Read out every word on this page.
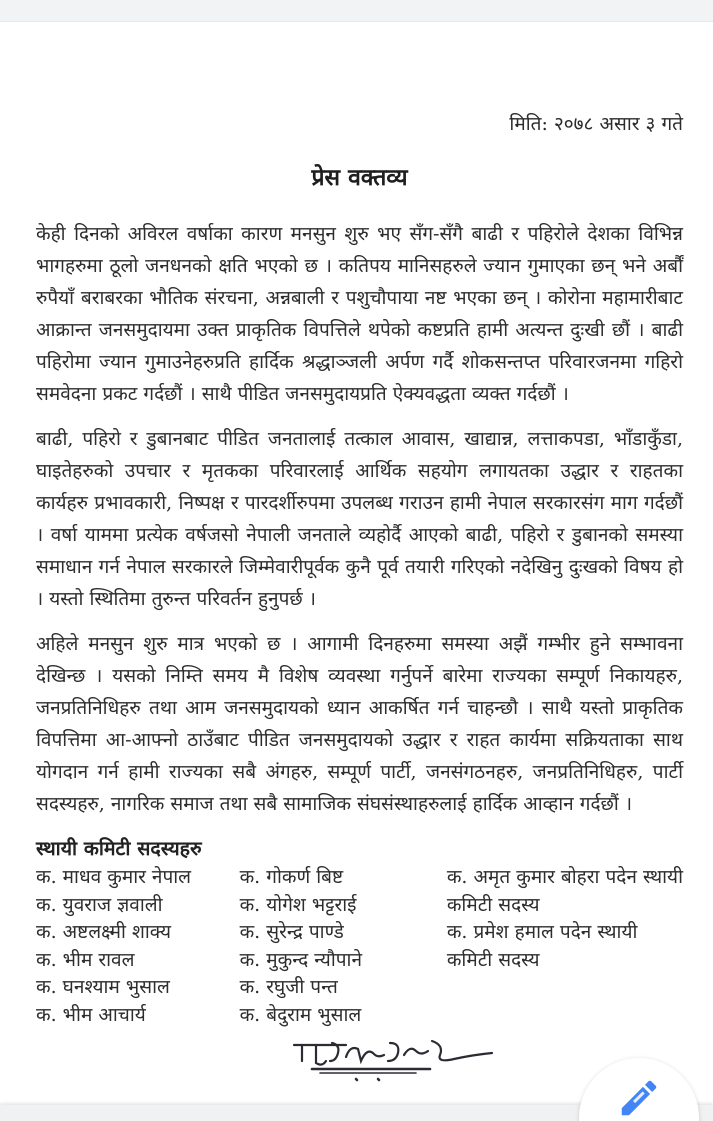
मिति: २०७८ असार ३ गते
प्रेस वक्तव्य

केही दिनको अविरल वर्षाका कारण मनसुन शुरु भए सँग-सँगै बाढी र पहिरोले देशका विभिन्न भागहरुमा ठूलो जनधनको क्षति भएको छ । कतिपय मानिसहरुले ज्यान गुमाएका छन् भने अर्बौं रुपैयाँ बराबरका भौतिक संरचना, अन्नबाली र पशुचौपाया नष्ट भएका छन् । कोरोना महामारीबाट आक्रान्त जनसमुदायमा उक्त प्राकृतिक विपत्तिले थपेको कष्टप्रति हामी अत्यन्त दुःखी छौं । बाढी पहिरोमा ज्यान गुमाउनेहरुप्रति हार्दिक श्रद्धाञ्जली अर्पण गर्दै शोकसन्तप्त परिवारजनमा गहिरो समवेदना प्रकट गर्दछौं । साथै पीडित जनसमुदायप्रति ऐक्यवद्धता व्यक्त गर्दछौं ।

बाढी, पहिरो र डुबानबाट पीडित जनतालाई तत्काल आवास, खाद्यान्न, लत्ताकपडा, भाँडाकुँडा, घाइतेहरुको उपचार र मृतकका परिवारलाई आर्थिक सहयोग लगायतका उद्धार र राहतका कार्यहरु प्रभावकारी, निष्पक्ष र पारदर्शीरुपमा उपलब्ध गराउन हामी नेपाल सरकारसंग माग गर्दछौं । वर्षा याममा प्रत्येक वर्षजसो नेपाली जनताले व्यहोर्दै आएको बाढी, पहिरो र डुबानको समस्या समाधान गर्न नेपाल सरकारले जिम्मेवारीपूर्वक कुनै पूर्व तयारी गरिएको नदेखिनु दुःखको विषय हो । यस्तो स्थितिमा तुरुन्त परिवर्तन हुनुपर्छ ।

अहिले मनसुन शुरु मात्र भएको छ । आगामी दिनहरुमा समस्या अझैं गम्भीर हुने सम्भावना देखिन्छ । यसको निम्ति समय मै विशेष व्यवस्था गर्नुपर्ने बारेमा राज्यका सम्पूर्ण निकायहरु, जनप्रतिनिधिहरु तथा आम जनसमुदायको ध्यान आकर्षित गर्न चाहन्छौ । साथै यस्तो प्राकृतिक विपत्तिमा आ-आफ्नो ठाउँबाट पीडित जनसमुदायको उद्धार र राहत कार्यमा सक्रियताका साथ योगदान गर्न हामी राज्यका सबै अंगहरु, सम्पूर्ण पार्टी, जनसंगठनहरु, जनप्रतिनिधिहरु, पार्टी सदस्यहरु, नागरिक समाज तथा सबै सामाजिक संघसंस्थाहरुलाई हार्दिक आव्हान गर्दछौं ।

स्थायी कमिटी सदस्यहरु
क. माधव कुमार नेपाल
क. युवराज ज्ञवाली
क. अष्टलक्ष्मी शाक्य
क. भीम रावल
क. घनश्याम भुसाल
क. भीम आचार्य
क. गोकर्ण बिष्ट
क. योगेश भट्टराई
क. सुरेन्द्र पाण्डे
क. मुकुन्द न्यौपाने
क. रघुजी पन्त
क. बेदुराम भुसाल
क. अमृत कुमार बोहरा पदेन स्थायी
कमिटी सदस्य
क. प्रमेश हमाल पदेन स्थायी
कमिटी सदस्य
